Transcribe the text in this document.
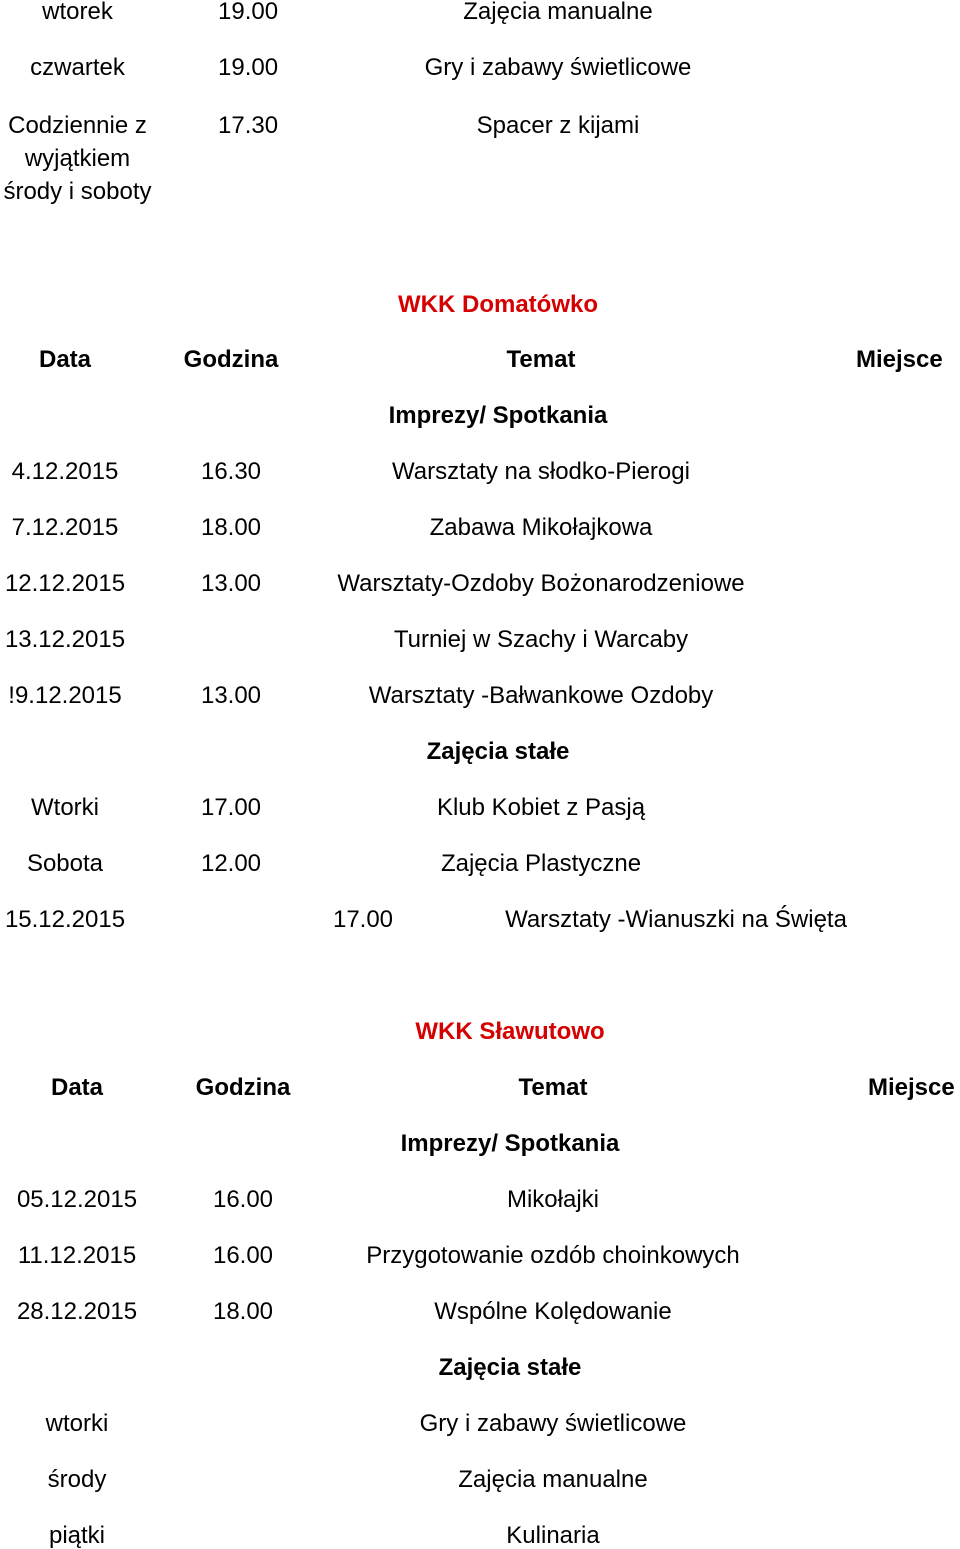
wtorek	19.00	Zajęcia manualne
czwartek	19.00	Gry i zabawy świetlicowe
Codziennie z
wyjątkiem
środy i soboty
17.30	Spacer z kijami
WKK Domatówko
Data	Godzina	Temat	Miejsce
Imprezy/ Spotkania
4.12.2015	16.30	Warsztaty na słodko-Pierogi
7.12.2015	18.00	Zabawa Mikołajkowa
12.12.2015	13.00	Warsztaty-Ozdoby Bożonarodzeniowe
13.12.2015	Turniej w Szachy i Warcaby
!9.12.2015	13.00	Warsztaty -Bałwankowe Ozdoby
Zajęcia stałe
Wtorki	17.00	Klub Kobiet z Pasją
Sobota	12.00	Zajęcia Plastyczne
15.12.2015	17.00	Warsztaty -Wianuszki na Święta
WKK Sławutowo
Data	Godzina	Temat	Miejsce
Imprezy/ Spotkania
05.12.2015	16.00	Mikołajki
11.12.2015	16.00	Przygotowanie ozdób choinkowych
28.12.2015	18.00	Wspólne Kolędowanie
Zajęcia stałe
wtorki	Gry i zabawy świetlicowe
środy	Zajęcia manualne
piątki	Kulinaria
